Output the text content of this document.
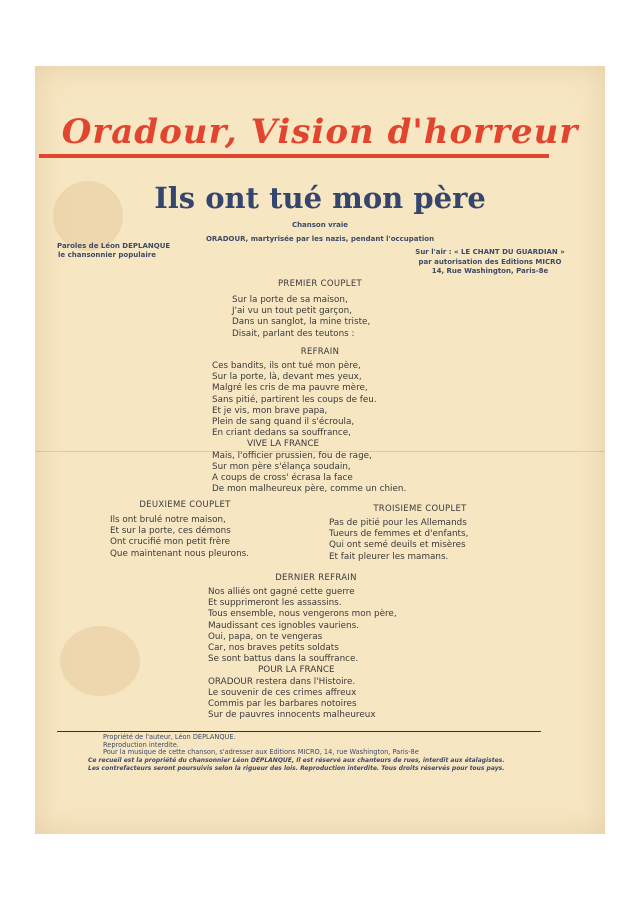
Oradour, Vision d'horreur
Ils ont tué mon père
Chanson vraie
ORADOUR, martyrisée par les nazis, pendant l'occupation
Paroles de Léon DEPLANQUE
le chansonnier populaire	Sur l'air : « LE CHANT DU GUARDIAN »
par autorisation des Editions MICRO
14, Rue Washington, Paris-8e
PREMIER COUPLET
Sur la porte de sa maison,
J'ai vu un tout petit garçon,
Dans un sanglot, la mine triste,
Disait, parlant des teutons :
REFRAIN
Ces bandits, ils ont tué mon père,
Sur la porte, là, devant mes yeux,
Malgré les cris de ma pauvre mère,
Sans pitié, partirent les coups de feu.
Et je vis, mon brave papa,
Plein de sang quand il s'écroula,
En criant dedans sa souffrance,
VIVE LA FRANCE
Mais, l'officier prussien, fou de rage,
Sur mon père s'élança soudain,
A coups de cross' écrasa la face
De mon malheureux père, comme un chien.
DEUXIEME COUPLET
Ils ont brulé notre maison,
Et sur la porte, ces démons
Ont crucifié mon petit frère
Que maintenant nous pleurons.
TROISIEME COUPLET
Pas de pitié pour les Allemands
Tueurs de femmes et d'enfants,
Qui ont semé deuils et misères
Et fait pleurer les mamans.
DERNIER REFRAIN
Nos alliés ont gagné cette guerre
Et supprimeront les assassins.
Tous ensemble, nous vengerons mon père,
Maudissant ces ignobles vauriens.
Oui, papa, on te vengeras
Car, nos braves petits soldats
Se sont battus dans la souffrance.
POUR LA FRANCE
ORADOUR restera dans l'Histoire.
Le souvenir de ces crimes affreux
Commis par les barbares notoires
Sur de pauvres innocents malheureux
Propriété de l'auteur, Léon DEPLANQUE.
Reproduction interdite.
Pour la musique de cette chanson, s'adresser aux Editions MICRO, 14, rue Washington, Paris-8e
Ce recueil est la propriété du chansonnier Léon DEPLANQUE, Il est réservé aux chanteurs de rues, interdit aux étalagistes.
Les contrefacteurs seront poursuivis selon la rigueur des lois. Reproduction interdite. Tous droits réservés pour tous pays.
